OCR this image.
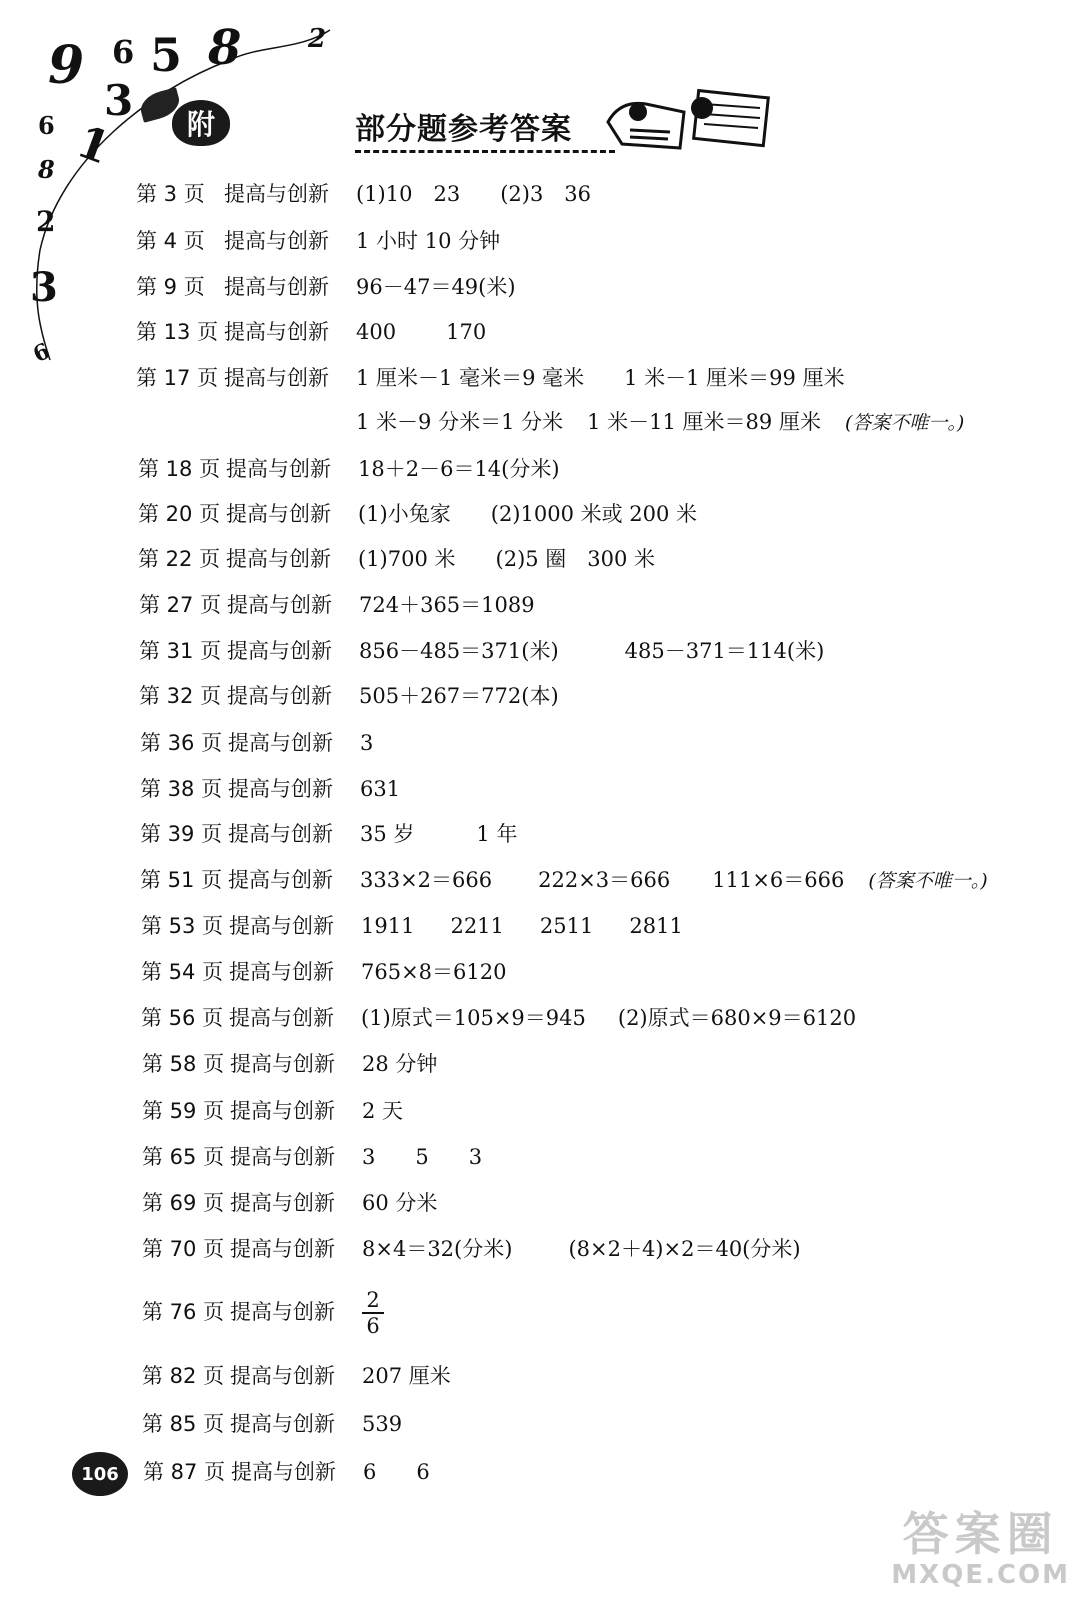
9 6 5 8	2
3
1
6
8
2
3
6
附	部分题参考答案
第 3 页 提高与创新 (1)10　23 (2)3　36
第 4 页 提高与创新 1 小时 10 分钟
第 9 页 提高与创新 96－47＝49(米)
第 13 页 提高与创新 400 170
第 17 页 提高与创新 1 厘米－1 毫米＝9 毫米 1 米－1 厘米＝99 厘米
1 米－9 分米＝1 分米 1 米－11 厘米＝89 厘米 (答案不唯一。)
第 18 页 提高与创新 18＋2－6＝14(分米)
第 20 页 提高与创新 (1)小兔家 (2)1000 米或 200 米
第 22 页 提高与创新 (1)700 米 (2)5 圈　300 米
第 27 页 提高与创新 724＋365＝1089
第 31 页 提高与创新 856－485＝371(米)	485－371＝114(米)
第 32 页 提高与创新 505＋267＝772(本)
第 36 页 提高与创新 3
第 38 页 提高与创新 631
第 39 页 提高与创新 35 岁	1 年
第 51 页 提高与创新 333×2＝666 222×3＝666 111×6＝666 (答案不唯一。)
第 53 页 提高与创新 1911 2211 2511 2811
第 54 页 提高与创新 765×8＝6120
第 56 页 提高与创新 (1)原式＝105×9＝945 (2)原式＝680×9＝6120
第 58 页 提高与创新 28 分钟
第 59 页 提高与创新 2 天
第 65 页 提高与创新 3 5 3
第 69 页 提高与创新 60 分米
第 70 页 提高与创新 8×4＝32(分米)	(8×2＋4)×2＝40(分米)
第 76 页 提高与创新 $\frac{2}{6}$
第 82 页 提高与创新 207 厘米
第 85 页 提高与创新 539
第 87 页 提高与创新 6 6
106
答案圈
MXQE.COM
